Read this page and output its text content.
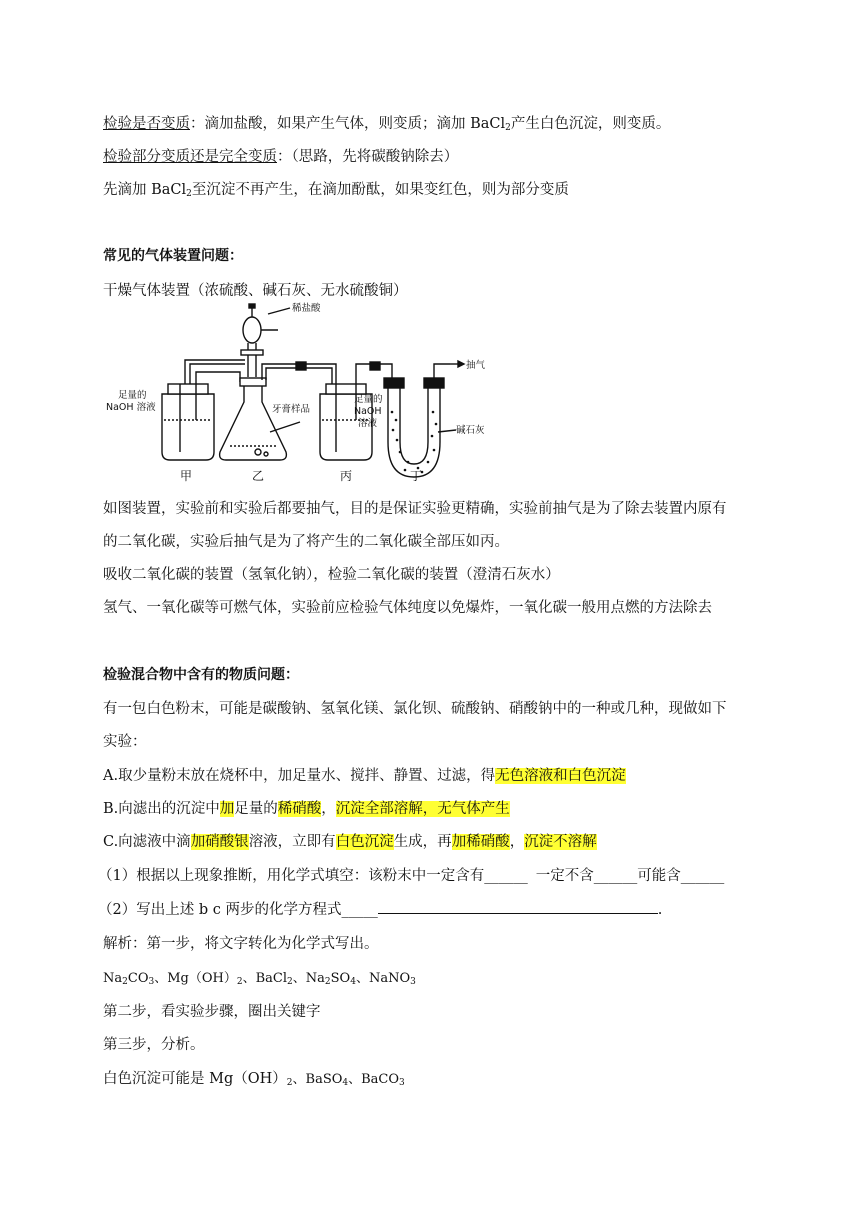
检验是否变质：滴加盐酸，如果产生气体，则变质；滴加 BaCl$_2$产生白色沉淀，则变质。
检验部分变质还是完全变质：（思路，先将碳酸钠除去）
先滴加 BaCl$_2$至沉淀不再产生，在滴加酚酞，如果变红色，则为部分变质
常见的气体装置问题：
干燥气体装置（浓硫酸、碱石灰、无水硫酸铜）
稀盐酸
抽气
足量的
NaOH 溶液	牙膏样品
足量的
NaOH
溶液
碱石灰
甲	乙	丙	丁
如图装置，实验前和实验后都要抽气，目的是保证实验更精确，实验前抽气是为了除去装置内原有
的二氧化碳，实验后抽气是为了将产生的二氧化碳全部压如丙。
吸收二氧化碳的装置（氢氧化钠），检验二氧化碳的装置（澄清石灰水）
氢气、一氧化碳等可燃气体，实验前应检验气体纯度以免爆炸，一氧化碳一般用点燃的方法除去
检验混合物中含有的物质问题：
有一包白色粉末，可能是碳酸钠、氢氧化镁、氯化钡、硫酸钠、硝酸钠中的一种或几种，现做如下
实验：
A.取少量粉末放在烧杯中，加足量水、搅拌、静置、过滤，得无色溶液和白色沉淀
B.向滤出的沉淀中加足量的稀硝酸，沉淀全部溶解，无气体产生
C.向滤液中滴加硝酸银溶液，立即有白色沉淀生成，再加稀硝酸，沉淀不溶解
（1）根据以上现象推断，用化学式填空：该粉末中一定含有______ 一定不含______可能含______
（2）写出上述 b c 两步的化学方程式_____	.
解析：第一步，将文字转化为化学式写出。
$Na_2CO_3$、$Mg(OH)_2$、BaCl$_2$、$Na_2SO_4$、NaNO$_3$
第二步，看实验步骤，圈出关键字
第三步，分析。
白色沉淀可能是 $Mg(OH)_2$、BaSO$_4$、BaCO$_3$
